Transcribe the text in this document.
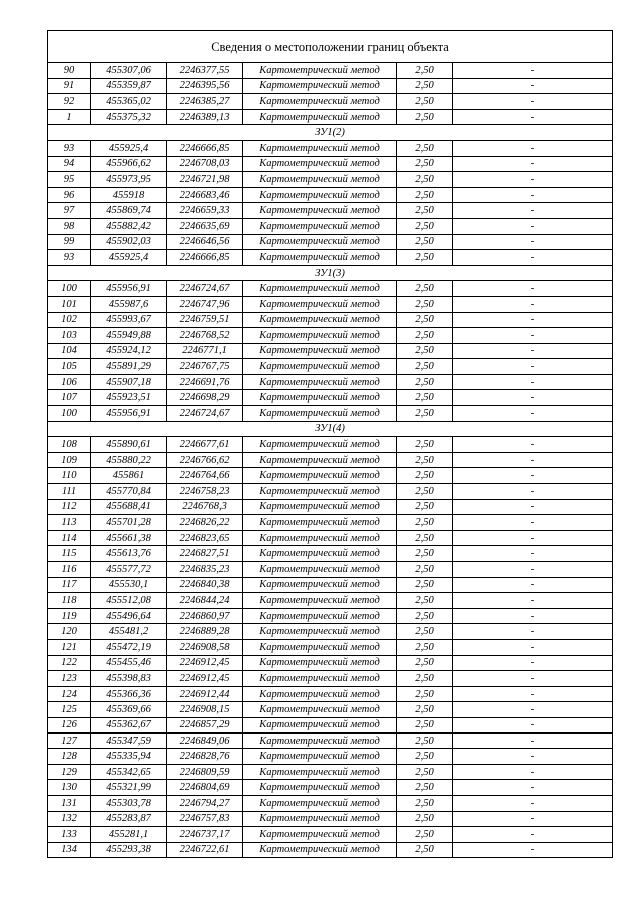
Сведения о местоположении границ объекта					
90	455307,06	2246377,55	Картометрический метод	2,50	-
91	455359,87	2246395,56	Картометрический метод	2,50	-
92	455365,02	2246385,27	Картометрический метод	2,50	-
1	455375,32	2246389,13	Картометрический метод	2,50	-
ЗУ1(2)					
93	455925,4	2246666,85	Картометрический метод	2,50	-
94	455966,62	2246708,03	Картометрический метод	2,50	-
95	455973,95	2246721,98	Картометрический метод	2,50	-
96	455918	2246683,46	Картометрический метод	2,50	-
97	455869,74	2246659,33	Картометрический метод	2,50	-
98	455882,42	2246635,69	Картометрический метод	2,50	-
99	455902,03	2246646,56	Картометрический метод	2,50	-
93	455925,4	2246666,85	Картометрический метод	2,50	-
ЗУ1(3)					
100	455956,91	2246724,67	Картометрический метод	2,50	-
101	455987,6	2246747,96	Картометрический метод	2,50	-
102	455993,67	2246759,51	Картометрический метод	2,50	-
103	455949,88	2246768,52	Картометрический метод	2,50	-
104	455924,12	2246771,1	Картометрический метод	2,50	-
105	455891,29	2246767,75	Картометрический метод	2,50	-
106	455907,18	2246691,76	Картометрический метод	2,50	-
107	455923,51	2246698,29	Картометрический метод	2,50	-
100	455956,91	2246724,67	Картометрический метод	2,50	-
ЗУ1(4)					
108	455890,61	2246677,61	Картометрический метод	2,50	-
109	455880,22	2246766,62	Картометрический метод	2,50	-
110	455861	2246764,66	Картометрический метод	2,50	-
111	455770,84	2246758,23	Картометрический метод	2,50	-
112	455688,41	2246768,3	Картометрический метод	2,50	-
113	455701,28	2246826,22	Картометрический метод	2,50	-
114	455661,38	2246823,65	Картометрический метод	2,50	-
115	455613,76	2246827,51	Картометрический метод	2,50	-
116	455577,72	2246835,23	Картометрический метод	2,50	-
117	455530,1	2246840,38	Картометрический метод	2,50	-
118	455512,08	2246844,24	Картометрический метод	2,50	-
119	455496,64	2246860,97	Картометрический метод	2,50	-
120	455481,2	2246889,28	Картометрический метод	2,50	-
121	455472,19	2246908,58	Картометрический метод	2,50	-
122	455455,46	2246912,45	Картометрический метод	2,50	-
123	455398,83	2246912,45	Картометрический метод	2,50	-
124	455366,36	2246912,44	Картометрический метод	2,50	-
125	455369,66	2246908,15	Картометрический метод	2,50	-
126	455362,67	2246857,29	Картометрический метод	2,50	-
127	455347,59	2246849,06	Картометрический метод	2,50	-
128	455335,94	2246828,76	Картометрический метод	2,50	-
129	455342,65	2246809,59	Картометрический метод	2,50	-
130	455321,99	2246804,69	Картометрический метод	2,50	-
131	455303,78	2246794,27	Картометрический метод	2,50	-
132	455283,87	2246757,83	Картометрический метод	2,50	-
133	455281,1	2246737,17	Картометрический метод	2,50	-
134	455293,38	2246722,61	Картометрический метод	2,50	-
